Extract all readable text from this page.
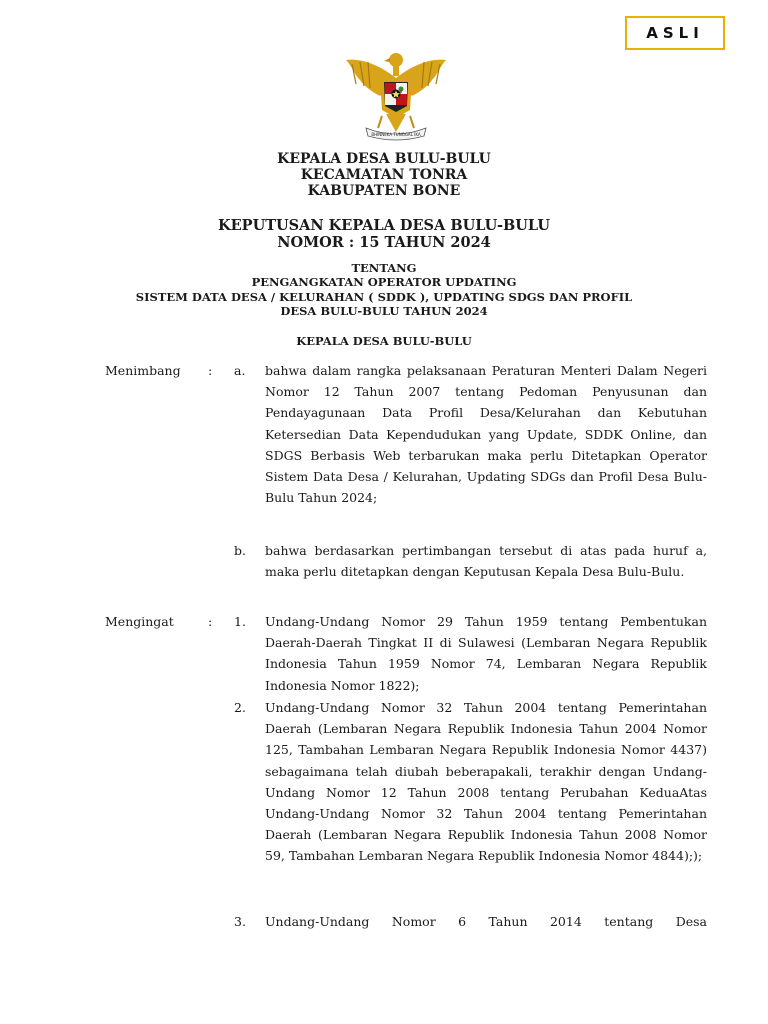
ASLI
BHINNEKA TUNGGAL IKA
KEPALA DESA BULU-BULU
KECAMATAN TONRA
KABUPATEN BONE
KEPUTUSAN KEPALA DESA BULU-BULU
NOMOR : 15 TAHUN 2024
TENTANG
PENGANGKATAN OPERATOR UPDATING
SISTEM DATA DESA / KELURAHAN ( SDDK ), UPDATING SDGS DAN PROFIL
DESA BULU-BULU TAHUN 2024
KEPALA DESA BULU-BULU
Menimbang	: a. bahwa dalam rangka pelaksanaan Peraturan Menteri Dalam Negeri Nomor 12 Tahun 2007 tentang Pedoman Penyusunan dan Pendayagunaan Data Profil Desa/Kelurahan dan Kebutuhan Ketersedian Data Kependudukan yang Update, SDDK Online, dan SDGS Berbasis Web terbarukan maka perlu Ditetapkan Operator Sistem Data Desa / Kelurahan, Updating SDGs dan Profil Desa Bulu-Bulu Tahun 2024;
b. bahwa berdasarkan pertimbangan tersebut di atas pada huruf a, maka perlu ditetapkan dengan Keputusan Kepala Desa Bulu-Bulu.
Mengingat	: 1. Undang-Undang Nomor 29 Tahun 1959 tentang Pembentukan Daerah-Daerah Tingkat II di Sulawesi (Lembaran Negara Republik Indonesia Tahun 1959 Nomor 74, Lembaran Negara Republik Indonesia Nomor 1822);
2. Undang-Undang Nomor 32 Tahun 2004 tentang Pemerintahan Daerah (Lembaran Negara Republik Indonesia Tahun 2004 Nomor 125, Tambahan Lembaran Negara Republik Indonesia Nomor 4437) sebagaimana telah diubah beberapakali, terakhir dengan Undang-Undang Nomor 12 Tahun 2008 tentang Perubahan KeduaAtas Undang-Undang Nomor 32 Tahun 2004 tentang Pemerintahan Daerah (Lembaran Negara Republik Indonesia Tahun 2008 Nomor 59, Tambahan Lembaran Negara Republik Indonesia Nomor 4844););
3. Undang-Undang Nomor 6 Tahun 2014 tentang Desa
